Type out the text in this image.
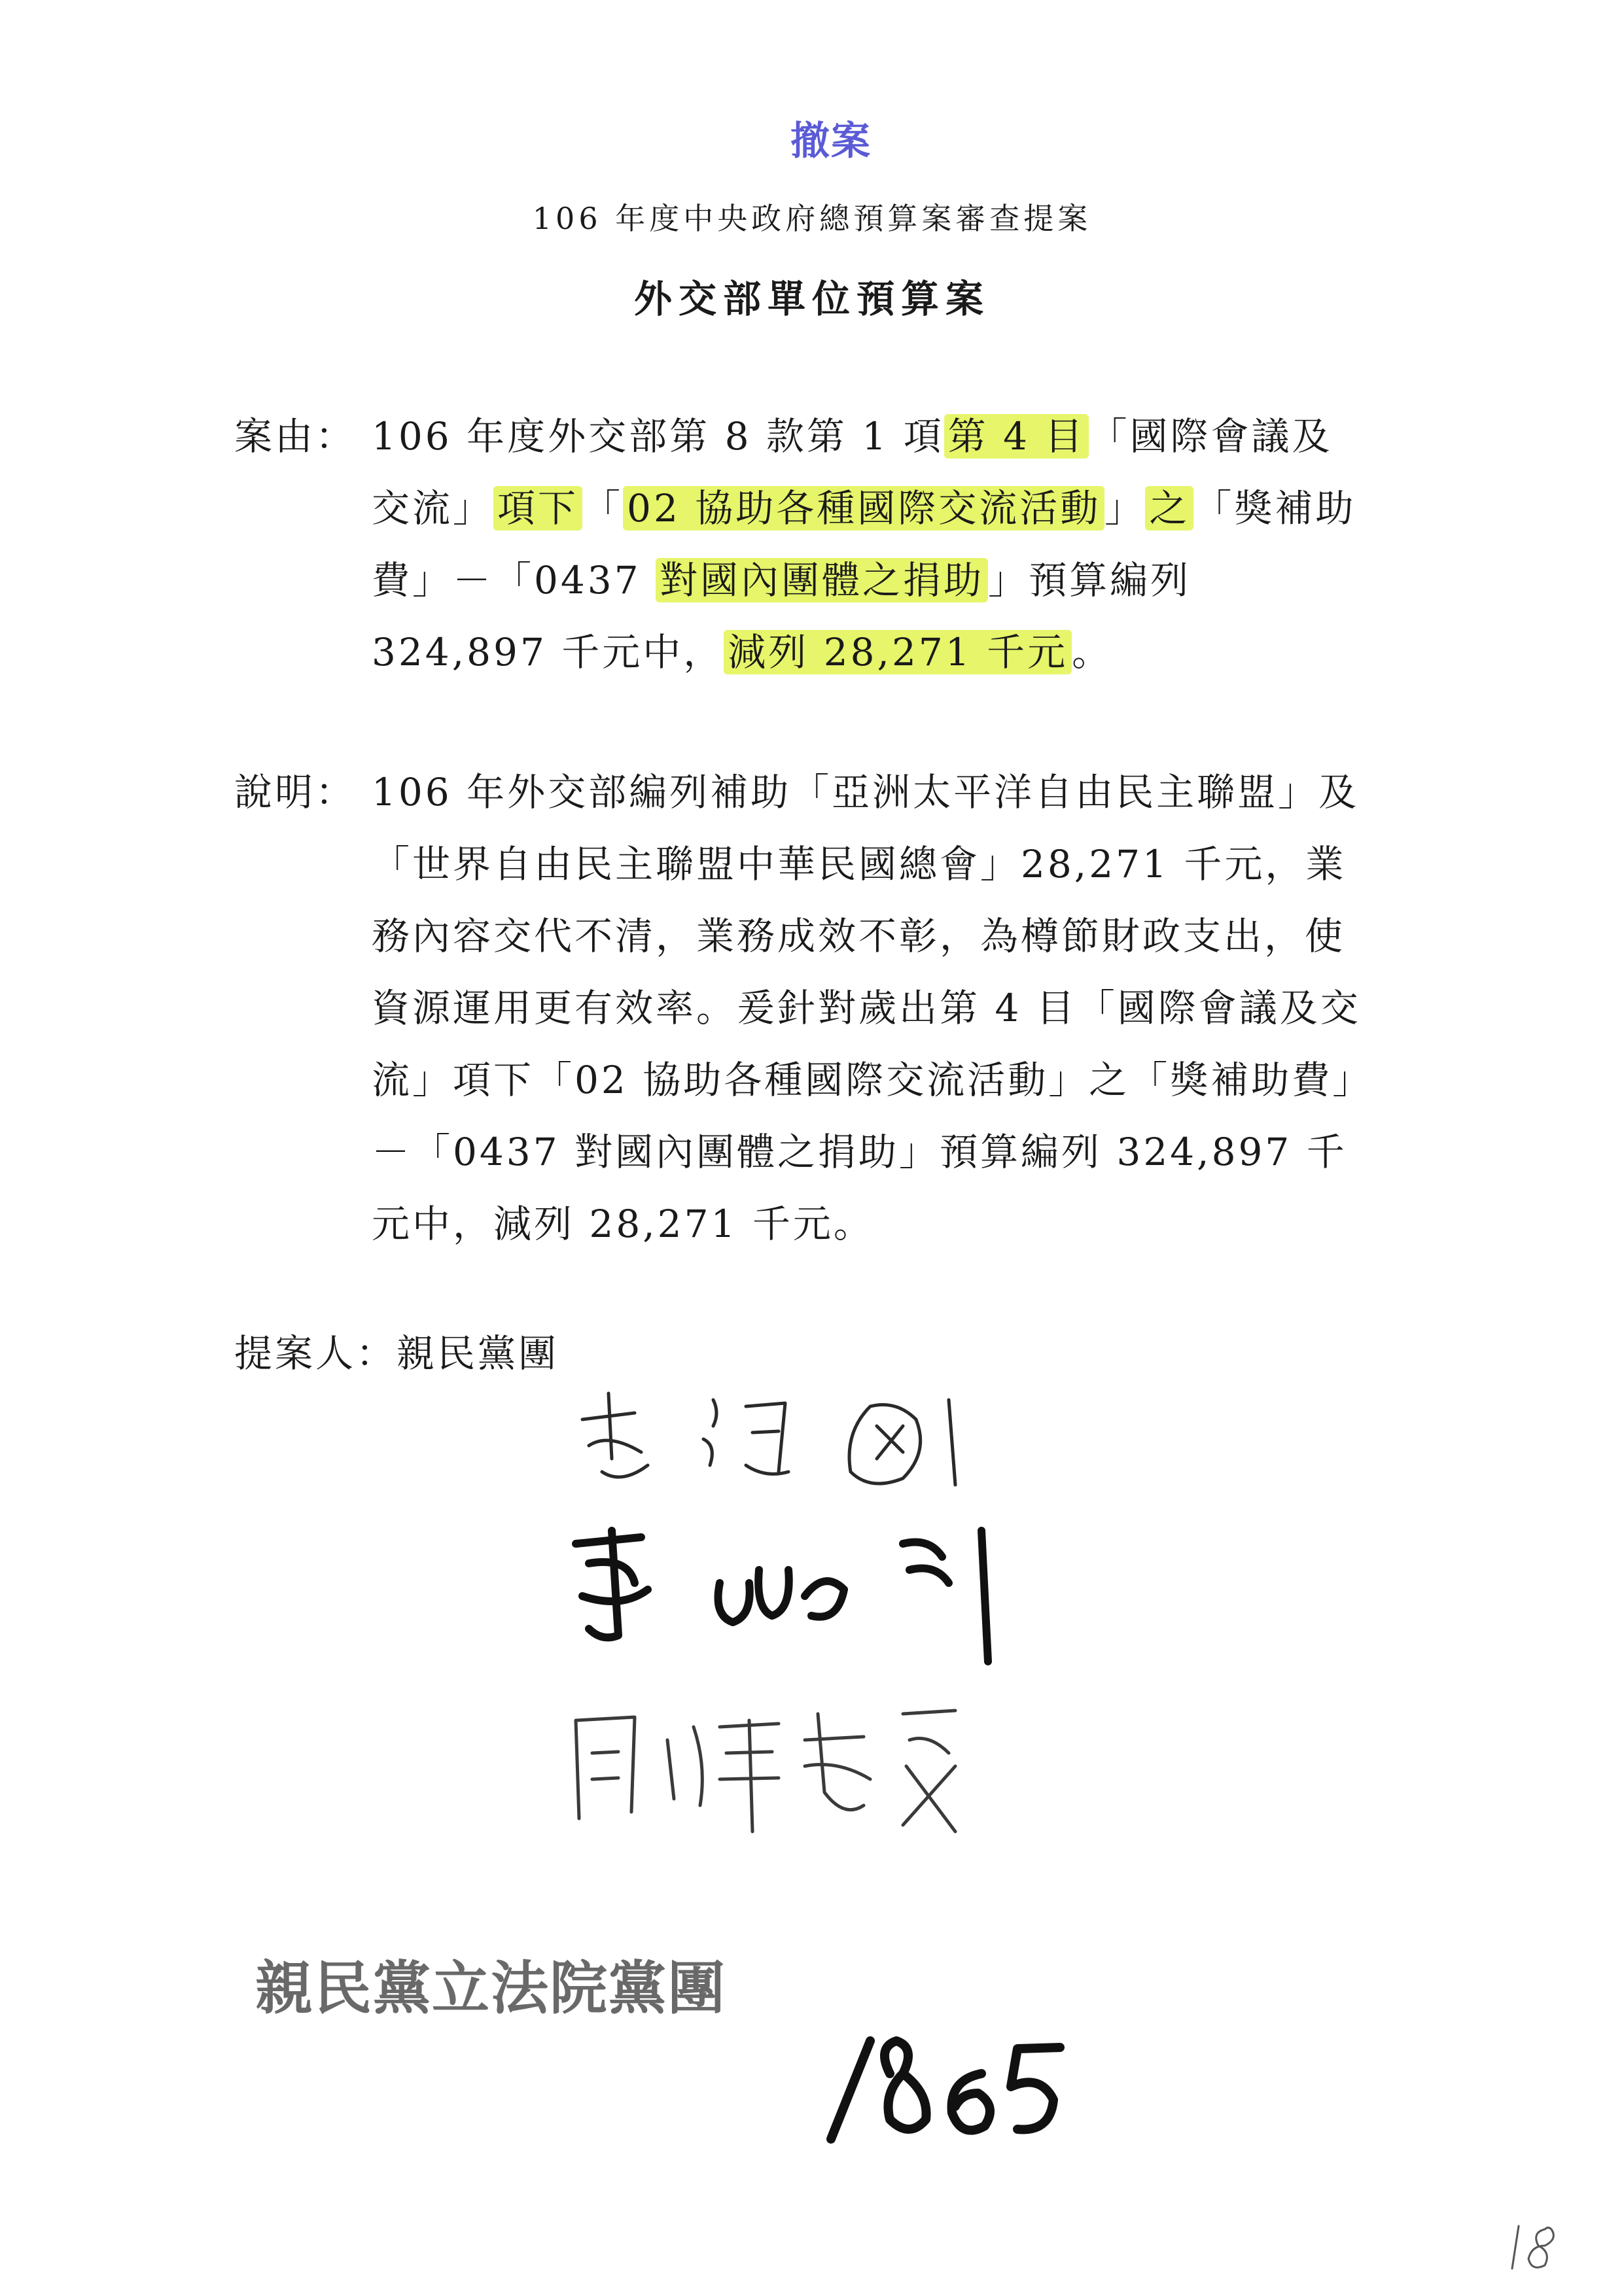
撤案
106 年度中央政府總預算案審查提案
外交部單位預算案
案由： 106 年度外交部第 8 款第 1 項 第 4 目 「國際會議及交流」 項下 「 02 協助各種國際交流活動 」 之 「獎補助費」－「0437 對國內團體之捐助 」預算編列 324,897 千元中， 減列 28,271 千元 。
說明： 106 年外交部編列補助「亞洲太平洋自由民主聯盟」及「世界自由民主聯盟中華民國總會」28,271 千元，業務內容交代不清，業務成效不彰，為樽節財政支出，使資源運用更有效率。爰針對歲出第 4 目「國際會議及交流」項下「02 協助各種國際交流活動」之「獎補助費」－「0437 對國內團體之捐助」預算編列 324,897 千元中，減列 28,271 千元。
提案人：親民黨團
親民黨立法院黨團
